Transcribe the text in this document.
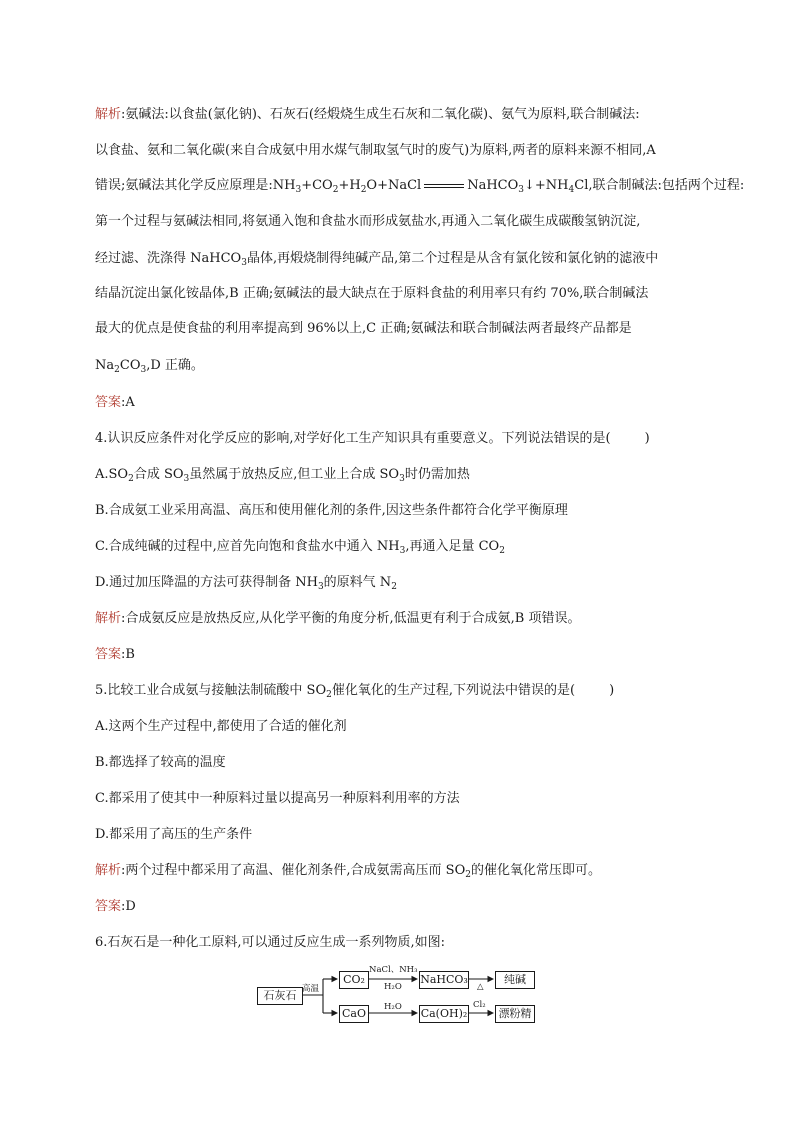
解析:氨碱法:以食盐(氯化钠)、石灰石(经煅烧生成生石灰和二氧化碳)、氨气为原料,联合制碱法:
以食盐、氨和二氧化碳(来自合成氨中用水煤气制取氢气时的废气)为原料,两者的原料来源不相同,A
错误;氨碱法其化学反应原理是$:NH_3+CO_2+H_2O+NaCl$	$NaHCO_3↓+NH_4Cl$,联合制碱法:包括两个过程:
第一个过程与氨碱法相同,将氨通入饱和食盐水而形成氨盐水,再通入二氧化碳生成碳酸氢钠沉淀,
经过滤、洗涤得 NaHCO$_3$晶体,再煅烧制得纯碱产品,第二个过程是从含有氯化铵和氯化钠的滤液中
结晶沉淀出氯化铵晶体,B 正确;氨碱法的最大缺点在于原料食盐的利用率只有约 70%,联合制碱法
最大的优点是使食盐的利用率提高到 96%以上,C 正确;氨碱法和联合制碱法两者最终产品都是
$Na_2CO_3,D$ 正确。
答案:A
4.认识反应条件对化学反应的影响,对学好化工生产知识具有重要意义。下列说法错误的是(	)
$A.SO_2$合成 $SO_3$虽然属于放热反应,但工业上合成 $SO_3$时仍需加热
B.合成氨工业采用高温、高压和使用催化剂的条件,因这些条件都符合化学平衡原理
C.合成纯碱的过程中,应首先向饱和食盐水中通入 $NH_3$,再通入足量 $CO_2$
D.通过加压降温的方法可获得制备 $NH_3$的原料气 $N_2$
解析:合成氨反应是放热反应,从化学平衡的角度分析,低温更有利于合成氨,B 项错误。
答案:B
5.比较工业合成氨与接触法制硫酸中 $SO_2$催化氧化的生产过程,下列说法中错误的是(	)
A.这两个生产过程中,都使用了合适的催化剂
B.都选择了较高的温度
C.都采用了使其中一种原料过量以提高另一种原料利用率的方法
D.都采用了高压的生产条件
解析:两个过程中都采用了高温、催化剂条件,合成氨需高压而 $SO_2$的催化氧化常压即可。
答案:D
6.石灰石是一种化工原料,可以通过反应生成一系列物质,如图:
石灰石 高温
CO₂
NaCl、NH₃
H₂O
NaHCO₃
△
纯碱
CaO	H₂O Ca(OH)₂
Cl₂
漂粉精
